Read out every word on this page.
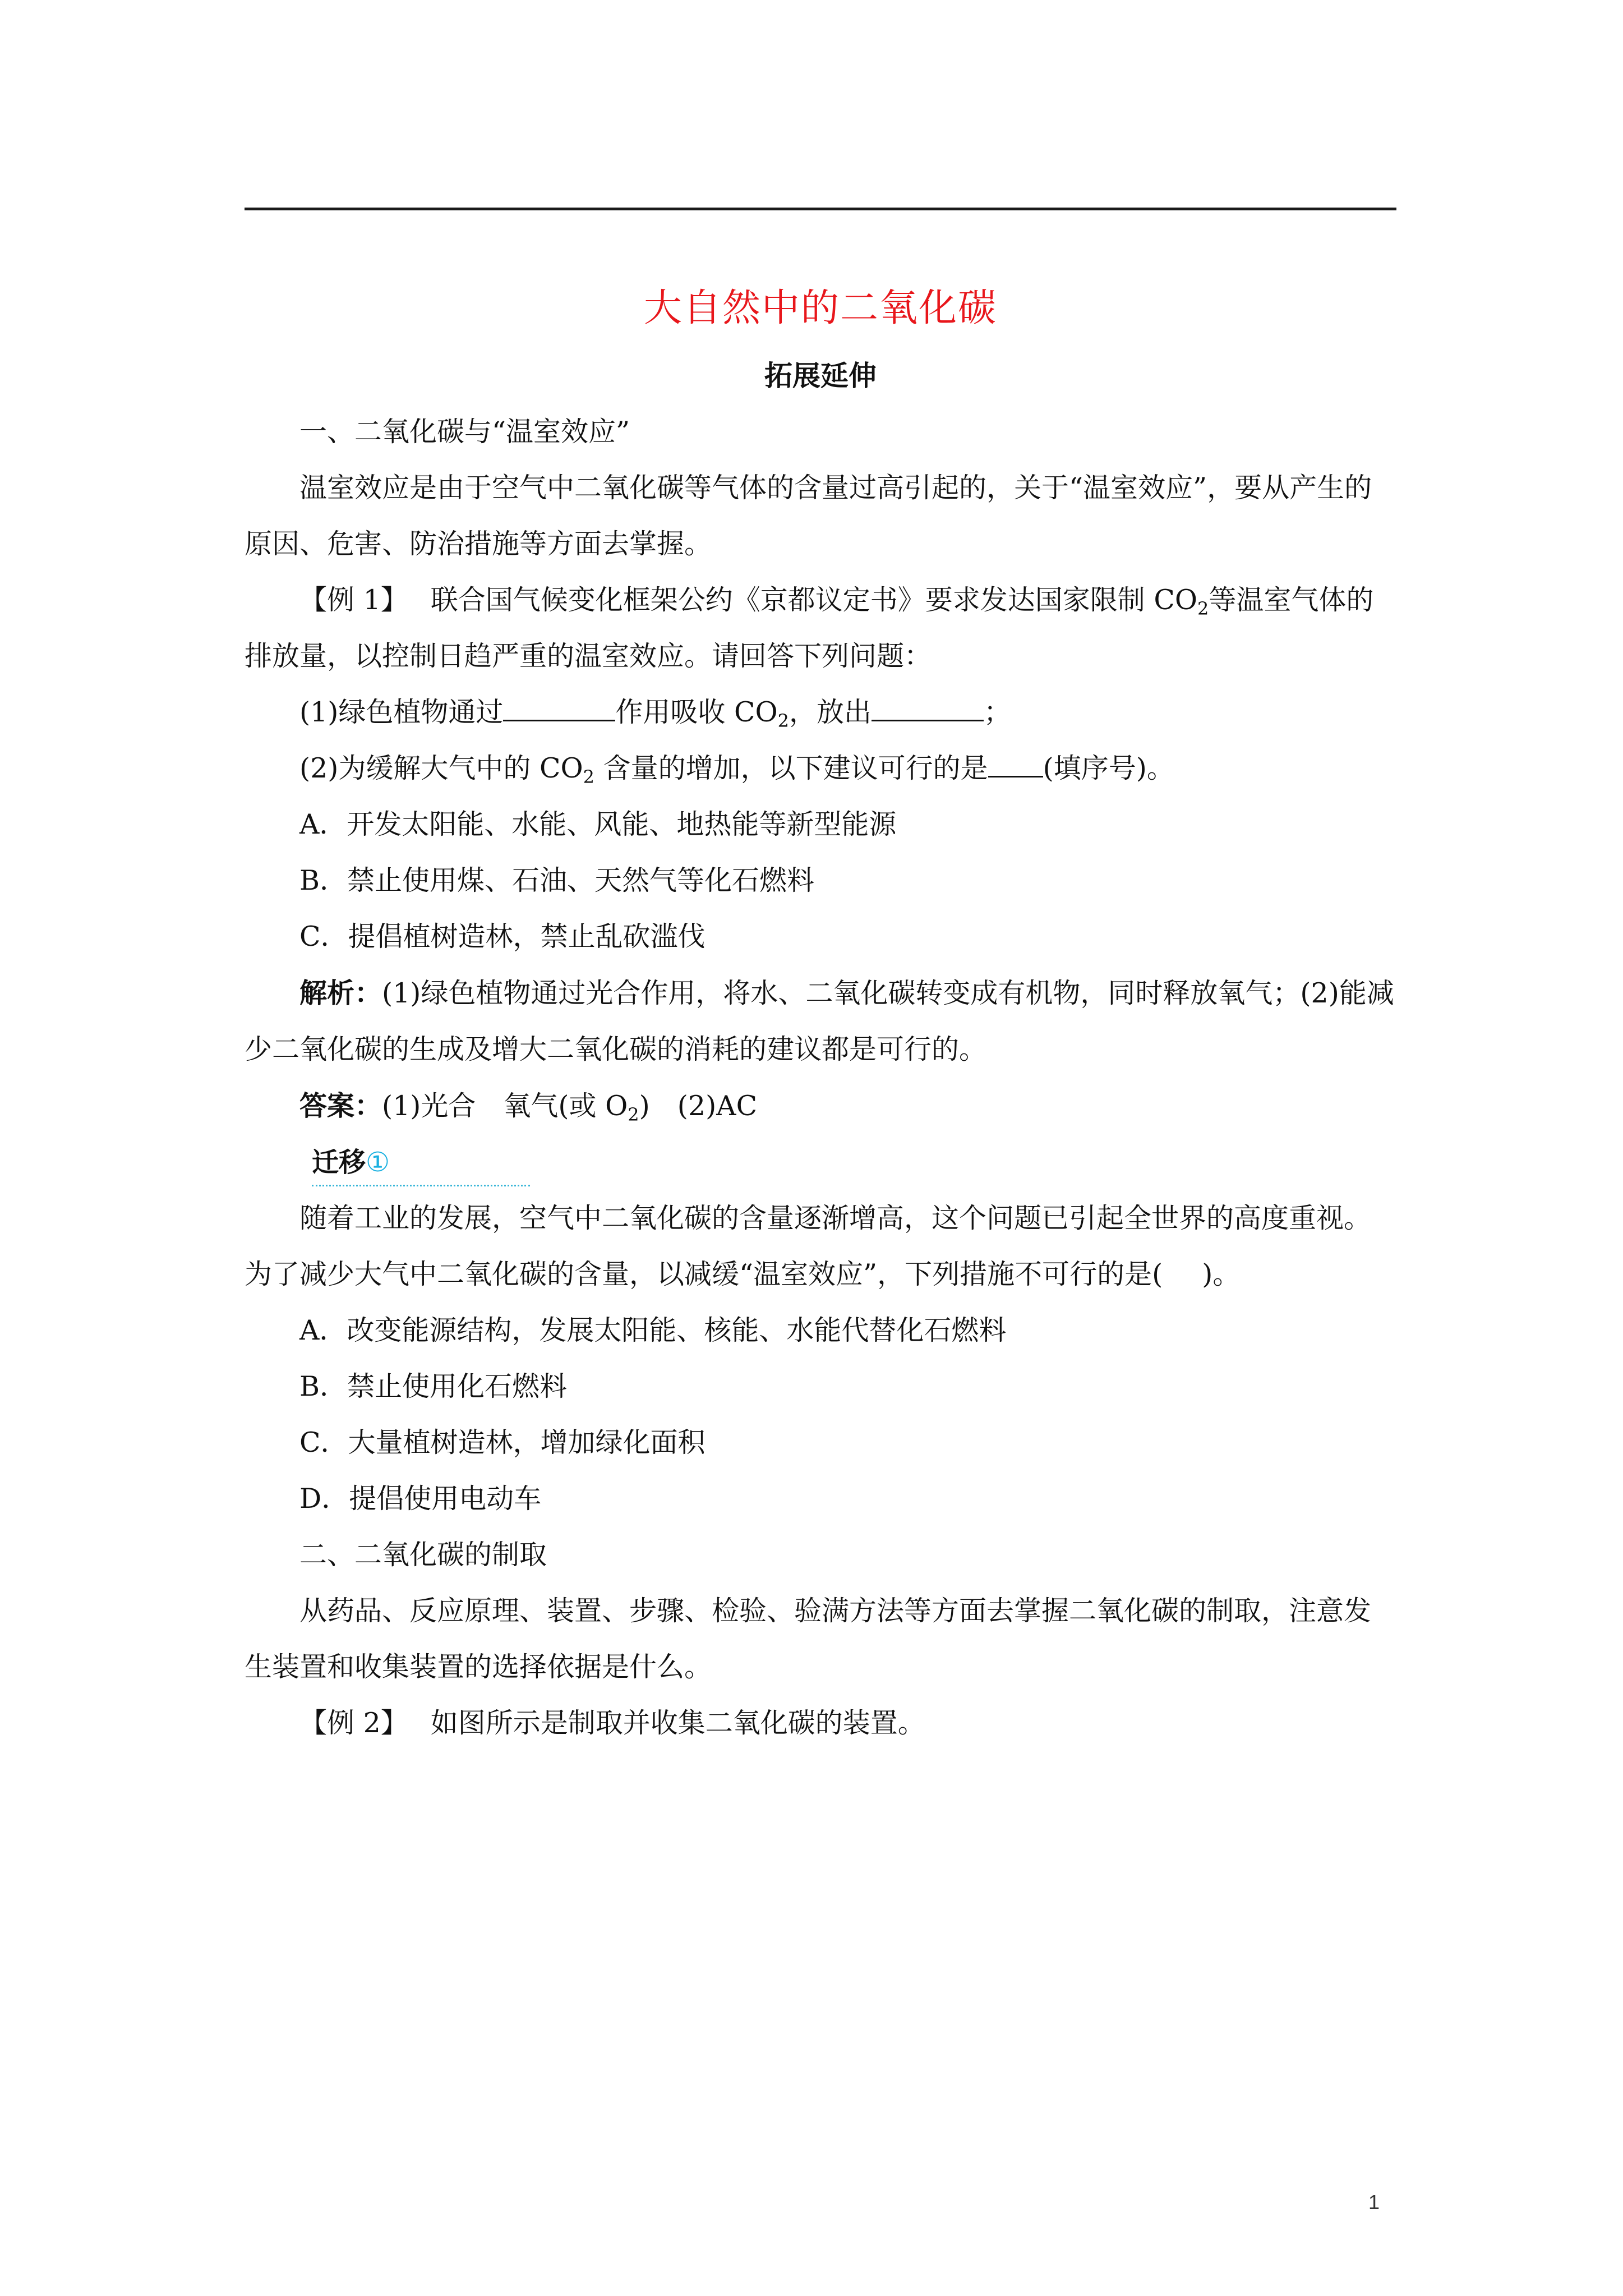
大自然中的二氧化碳
拓展延伸

一、二氧化碳与“温室效应”

温室效应是由于空气中二氧化碳等气体的含量过高引起的，关于“温室效应”，要从产生的原因、危害、防治措施等方面去掌握。

【例 1】 联合国气候变化框架公约《京都议定书》要求发达国家限制 $CO_2$等温室气体的排放量，以控制日趋严重的温室效应。请回答下列问题：

(1)绿色植物通过	作用吸收 $CO_2$，放出	；

(2)为缓解大气中的 $CO_2$ 含量的增加，以下建议可行的是 (填序号)。

A．开发太阳能、水能、风能、地热能等新型能源

B．禁止使用煤、石油、天然气等化石燃料

C．提倡植树造林，禁止乱砍滥伐

解析：(1)绿色植物通过光合作用，将水、二氧化碳转变成有机物，同时释放氧气；(2)能减少二氧化碳的生成及增大二氧化碳的消耗的建议都是可行的。

答案：(1)光合　氧气(或 $O_2$)　(2)AC

迁移①

随着工业的发展，空气中二氧化碳的含量逐渐增高，这个问题已引起全世界的高度重视。为了减少大气中二氧化碳的含量，以减缓“温室效应”，下列措施不可行的是( )。

A．改变能源结构，发展太阳能、核能、水能代替化石燃料

B．禁止使用化石燃料

C．大量植树造林，增加绿化面积

D．提倡使用电动车

二、二氧化碳的制取

从药品、反应原理、装置、步骤、检验、验满方法等方面去掌握二氧化碳的制取，注意发生装置和收集装置的选择依据是什么。

【例 2】 如图所示是制取并收集二氧化碳的装置。

1
